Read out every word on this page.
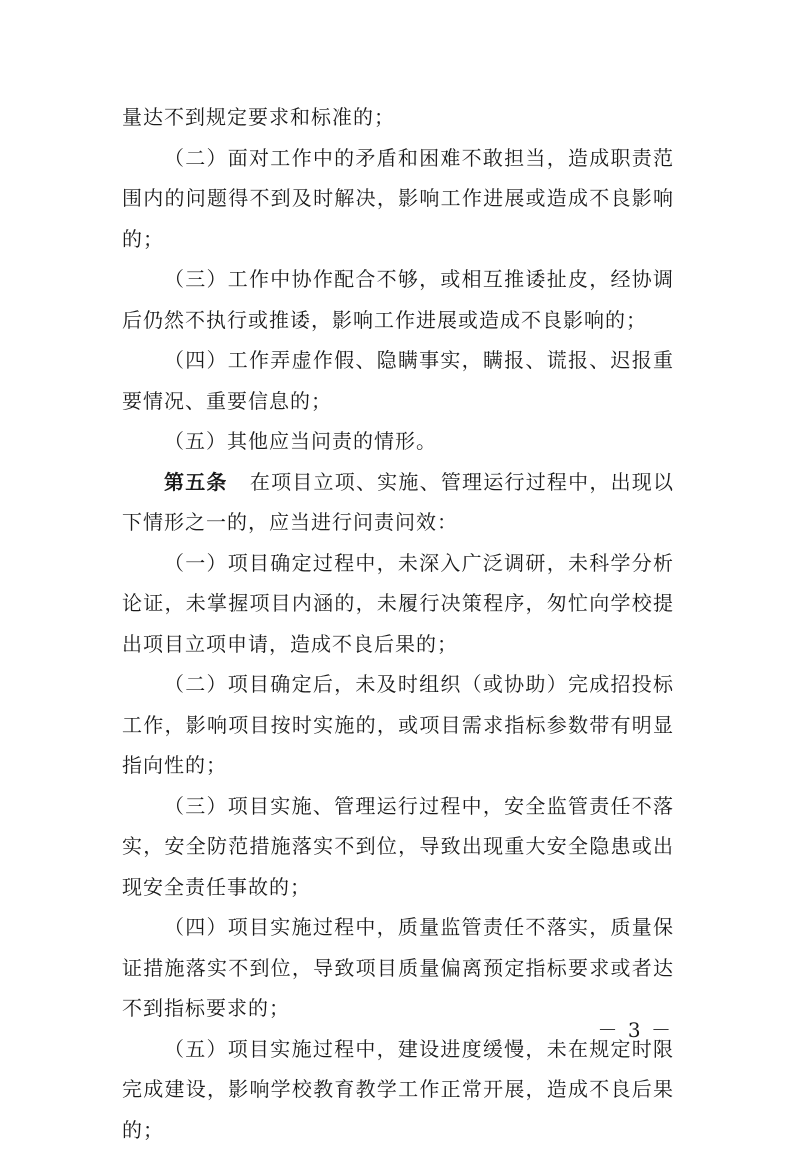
量达不到规定要求和标准的；

（二）面对工作中的矛盾和困难不敢担当，造成职责范围内的问题得不到及时解决，影响工作进展或造成不良影响的；

（三）工作中协作配合不够，或相互推诿扯皮，经协调后仍然不执行或推诿，影响工作进展或造成不良影响的；

（四）工作弄虚作假、隐瞒事实，瞒报、谎报、迟报重要情况、重要信息的；

（五）其他应当问责的情形。

第五条 在项目立项、实施、管理运行过程中，出现以下情形之一的，应当进行问责问效：

（一）项目确定过程中，未深入广泛调研，未科学分析论证，未掌握项目内涵的，未履行决策程序，匆忙向学校提出项目立项申请，造成不良后果的；

（二）项目确定后，未及时组织（或协助）完成招投标工作，影响项目按时实施的，或项目需求指标参数带有明显指向性的；

（三）项目实施、管理运行过程中，安全监管责任不落实，安全防范措施落实不到位，导致出现重大安全隐患或出现安全责任事故的；

（四）项目实施过程中，质量监管责任不落实，质量保证措施落实不到位，导致项目质量偏离预定指标要求或者达不到指标要求的；

（五）项目实施过程中，建设进度缓慢，未在规定时限完成建设，影响学校教育教学工作正常开展，造成不良后果的；

－ 3 －
